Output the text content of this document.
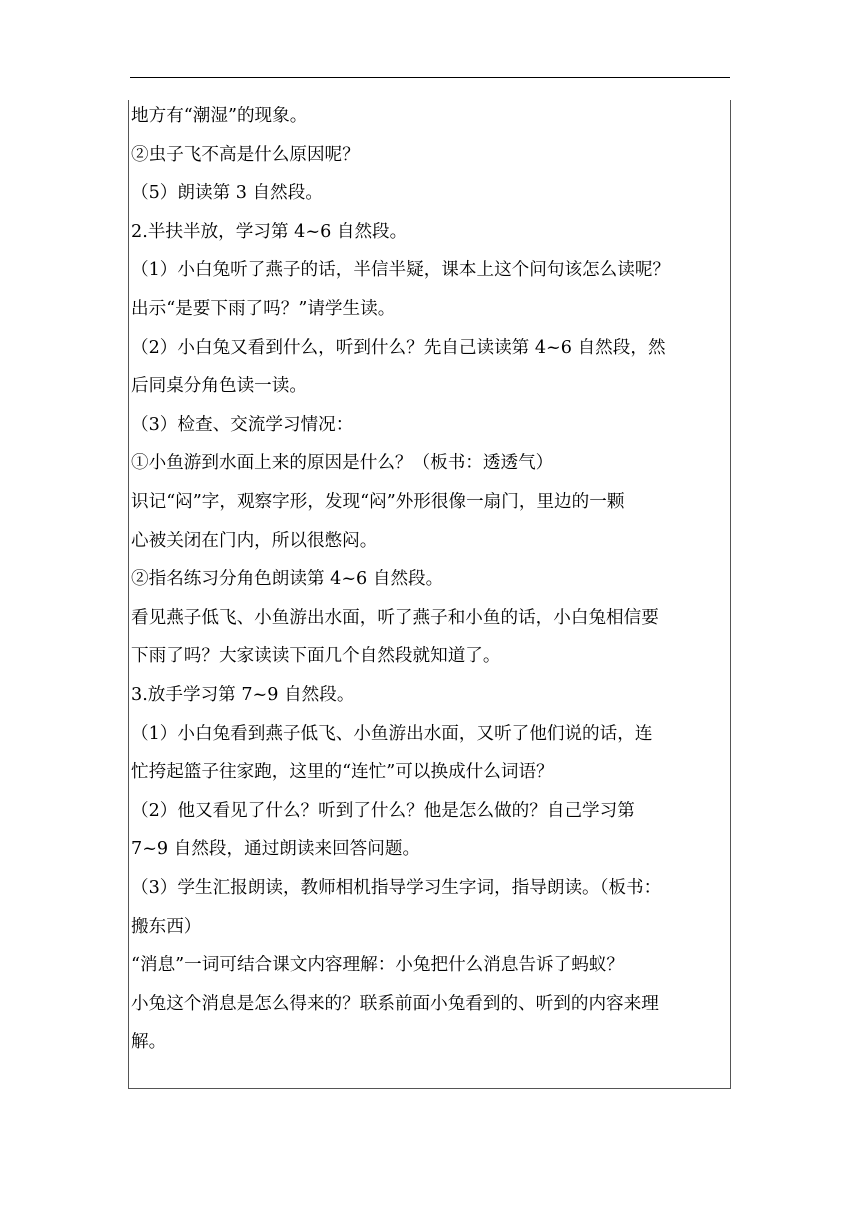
地方有“潮湿”的现象。
②虫子飞不高是什么原因呢？
（5）朗读第 3 自然段。
2.半扶半放，学习第 4~6 自然段。
（1）小白兔听了燕子的话，半信半疑，课本上这个问句该怎么读呢？
出示“是要下雨了吗？”请学生读。
（2）小白兔又看到什么，听到什么？先自己读读第 4~6 自然段，然
后同桌分角色读一读。
（3）检查、交流学习情况：
①小鱼游到水面上来的原因是什么？（板书：透透气）
识记“闷”字，观察字形，发现“闷”外形很像一扇门，里边的一颗
心被关闭在门内，所以很憋闷。
②指名练习分角色朗读第 4~6 自然段。
看见燕子低飞、小鱼游出水面，听了燕子和小鱼的话，小白兔相信要
下雨了吗？大家读读下面几个自然段就知道了。
3.放手学习第 7~9 自然段。
（1）小白兔看到燕子低飞、小鱼游出水面，又听了他们说的话，连
忙挎起篮子往家跑，这里的“连忙”可以换成什么词语？
（2）他又看见了什么？听到了什么？他是怎么做的？自己学习第
7~9 自然段，通过朗读来回答问题。
（3）学生汇报朗读，教师相机指导学习生字词，指导朗读。（板书：
搬东西）
“消息”一词可结合课文内容理解：小兔把什么消息告诉了蚂蚁？
小兔这个消息是怎么得来的？联系前面小兔看到的、听到的内容来理
解。
